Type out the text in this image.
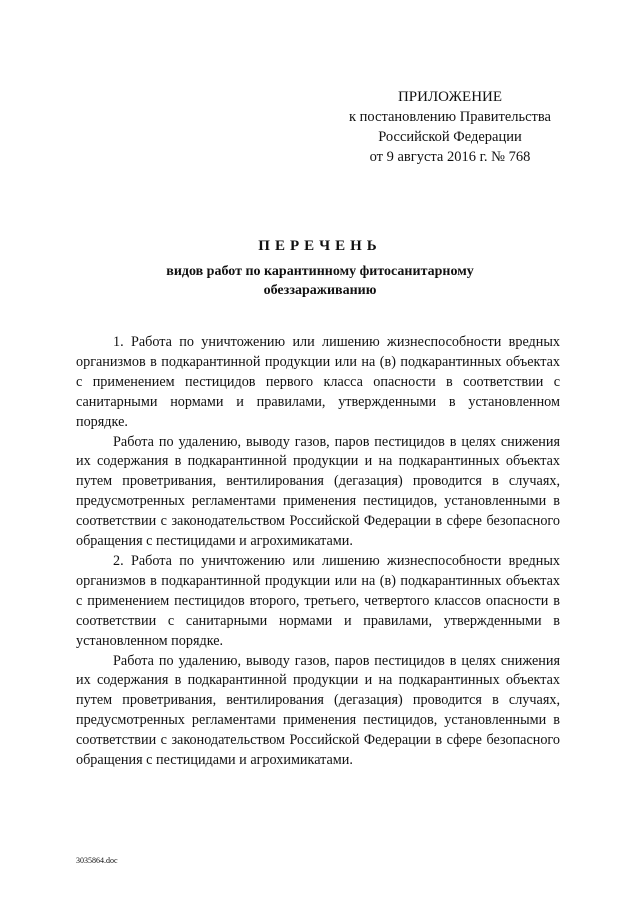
ПРИЛОЖЕНИЕ
к постановлению Правительства
Российской Федерации
от 9 августа 2016 г. № 768
ПЕРЕЧЕНЬ
видов работ по карантинному фитосанитарному
обеззараживанию

1. Работа по уничтожению или лишению жизнеспособности вредных организмов в подкарантинной продукции или на (в) подкарантинных объектах с применением пестицидов первого класса опасности в соответствии с санитарными нормами и правилами, утвержденными в установленном порядке.

Работа по удалению, выводу газов, паров пестицидов в целях снижения их содержания в подкарантинной продукции и на подкарантинных объектах путем проветривания, вентилирования (дегазация) проводится в случаях, предусмотренных регламентами применения пестицидов, установленными в соответствии с законодательством Российской Федерации в сфере безопасного обращения с пестицидами и агрохимикатами.

2. Работа по уничтожению или лишению жизнеспособности вредных организмов в подкарантинной продукции или на (в) подкарантинных объектах с применением пестицидов второго, третьего, четвертого классов опасности в соответствии с санитарными нормами и правилами, утвержденными в установленном порядке.

Работа по удалению, выводу газов, паров пестицидов в целях снижения их содержания в подкарантинной продукции и на подкарантинных объектах путем проветривания, вентилирования (дегазация) проводится в случаях, предусмотренных регламентами применения пестицидов, установленными в соответствии с законодательством Российской Федерации в сфере безопасного обращения с пестицидами и агрохимикатами.

3035864.doc
